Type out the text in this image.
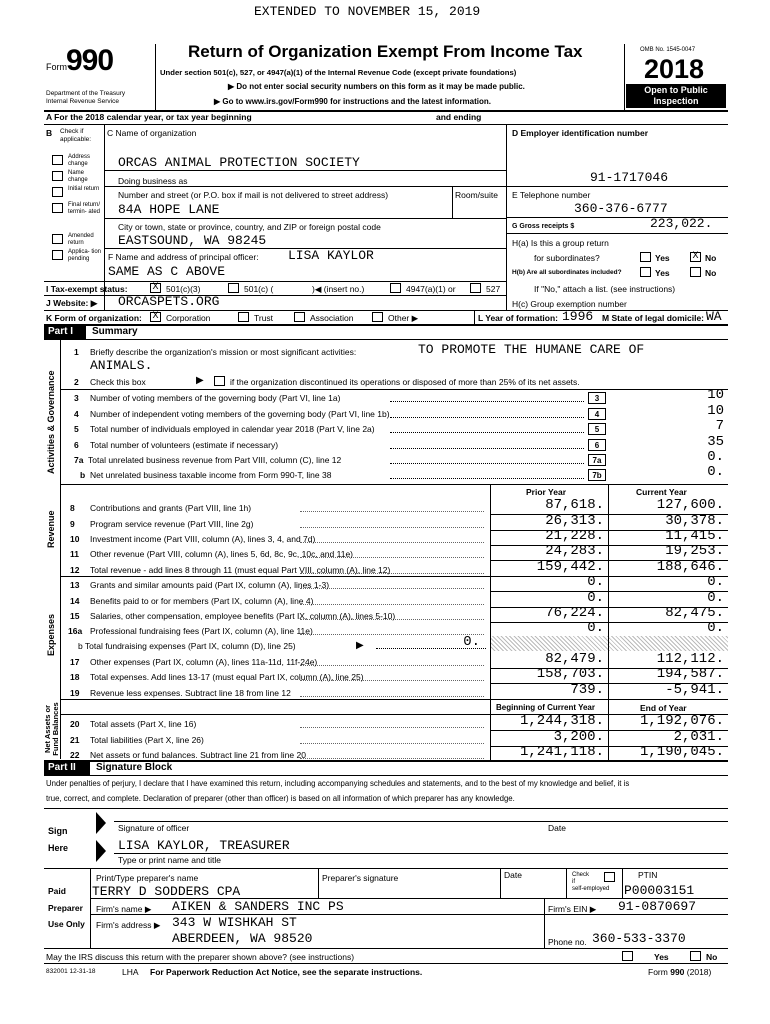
EXTENDED TO NOVEMBER 15, 2019
Form 990
Department of the Treasury
Internal Revenue Service
Return of Organization Exempt From Income Tax
Under section 501(c), 527, or 4947(a)(1) of the Internal Revenue Code (except private foundations)
▶ Do not enter social security numbers on this form as it may be made public.
▶ Go to www.irs.gov/Form990 for instructions and the latest information.
OMB No. 1545-0047
2018
Open to Public
Inspection
A For the 2018 calendar year, or tax year beginning	and ending
B Check if applicable:
Address change
Name change
Initial return
Final return/ termin- ated
Amended return
Applica- tion pending
C Name of organization
ORCAS ANIMAL PROTECTION SOCIETY
Doing business as
Number and street (or P.O. box if mail is not delivered to street address)	Room/suite
84A HOPE LANE
City or town, state or province, country, and ZIP or foreign postal code
EASTSOUND, WA 98245
F Name and address of principal officer: LISA KAYLOR
SAME AS C ABOVE
D Employer identification number
91-1717046
E Telephone number
360-376-6777
G Gross receipts $	223,022.
H(a) Is this a group return
for subordinates?	Yes X No
H(b) Are all subordinates included?	Yes	No
If "No," attach a list. (see instructions)
H(c) Group exemption number
I Tax-exempt status: X 501(c)(3)	501(c) (	)◀ (insert no.)	4947(a)(1) or	527
J Website: ▶ ORCASPETS.ORG
K Form of organization: X Corporation	Trust	Association	Other ▶	L Year of formation: 1996 M State of legal domicile: WA
Part I	Summary
Activities & Governance
Revenue
Expenses
Net Assets or Fund Balances
1 Briefly describe the organization's mission or most significant activities:	TO PROMOTE THE HUMANE CARE OF
ANIMALS.
2 Check this box	▶	if the organization discontinued its operations or disposed of more than 25% of its net assets.
3 Number of voting members of the governing body (Part VI, line 1a)	3	10
4 Number of independent voting members of the governing body (Part VI, line 1b)	4	10
5 Total number of individuals employed in calendar year 2018 (Part V, line 2a)	5	7
6 Total number of volunteers (estimate if necessary)	6	35
7a Total unrelated business revenue from Part VIII, column (C), line 12	7a	0.
b Net unrelated business taxable income from Form 990-T, line 38	7b	0.
Prior Year	Current Year
8 Contributions and grants (Part VIII, line 1h)	87,618.	127,600.
9 Program service revenue (Part VIII, line 2g)	26,313.	30,378.
10 Investment income (Part VIII, column (A), lines 3, 4, and 7d)	21,228.	11,415.
11 Other revenue (Part VIII, column (A), lines 5, 6d, 8c, 9c, 10c, and 11e)	24,283.	19,253.
12 Total revenue - add lines 8 through 11 (must equal Part VIII, column (A), line 12)	159,442.	188,646.
13 Grants and similar amounts paid (Part IX, column (A), lines 1-3)	0.	0.
14 Benefits paid to or for members (Part IX, column (A), line 4)	0.	0.
15 Salaries, other compensation, employee benefits (Part IX, column (A), lines 5-10)	76,224.	82,475.
16a Professional fundraising fees (Part IX, column (A), line 11e)	0.	0.
b Total fundraising expenses (Part IX, column (D), line 25)	▶	0.
17 Other expenses (Part IX, column (A), lines 11a-11d, 11f-24e)	82,479.	112,112.
18 Total expenses. Add lines 13-17 (must equal Part IX, column (A), line 25)	158,703.	194,587.
19 Revenue less expenses. Subtract line 18 from line 12	739.	-5,941.
Beginning of Current Year	End of Year
20 Total assets (Part X, line 16)	1,244,318.	1,192,076.
21 Total liabilities (Part X, line 26)	3,200.	2,031.
22 Net assets or fund balances. Subtract line 21 from line 20	1,241,118.	1,190,045.
Part II	Signature Block
Under penalties of perjury, I declare that I have examined this return, including accompanying schedules and statements, and to the best of my knowledge and belief, it is
true, correct, and complete. Declaration of preparer (other than officer) is based on all information of which preparer has any knowledge.
Sign
Here
Signature of officer	Date
LISA KAYLOR, TREASURER
Type or print name and title
Paid
Preparer
Use Only
Print/Type preparer's name	Preparer's signature	Date	Check
if
self-employed
PTIN
TERRY D SODDERS CPA	P00003151
Firm's name ▶ AIKEN & SANDERS INC PS	Firm's EIN ▶ 91-0870697
Firm's address ▶ 343 W WISHKAH ST
ABERDEEN, WA 98520	Phone no. 360-533-3370
May the IRS discuss this return with the preparer shown above? (see instructions)	Yes	No
832001 12-31-18	LHA For Paperwork Reduction Act Notice, see the separate instructions.	Form 990 (2018)
